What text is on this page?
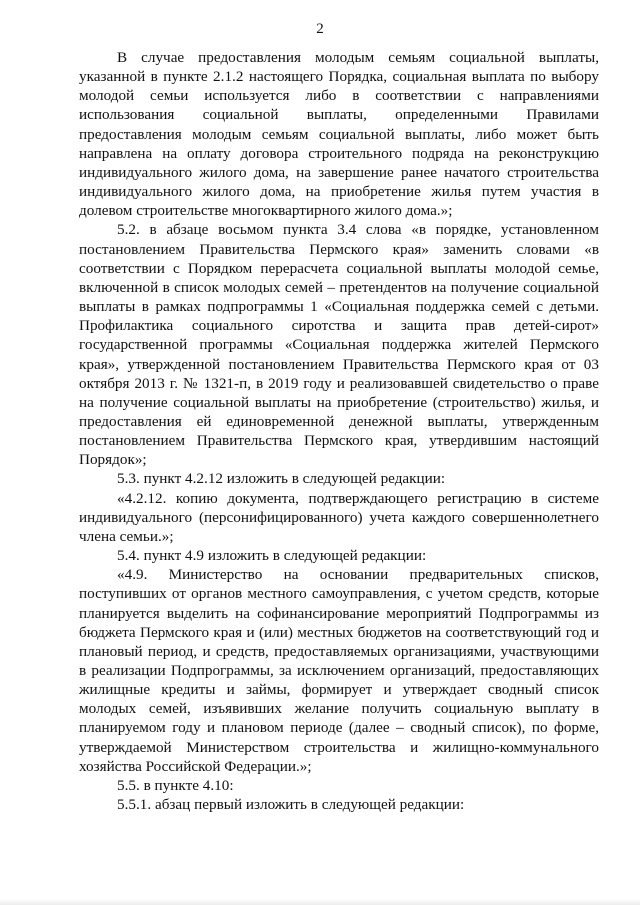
2

В случае предоставления молодым семьям социальной выплаты, указанной в пункте 2.1.2 настоящего Порядка, социальная выплата по выбору молодой семьи используется либо в соответствии с направлениями использования социальной выплаты, определенными Правилами предоставления молодым семьям социальной выплаты, либо может быть направлена на оплату договора строительного подряда на реконструкцию индивидуального жилого дома, на завершение ранее начатого строительства индивидуального жилого дома, на приобретение жилья путем участия в долевом строительстве многоквартирного жилого дома.»;

5.2. в абзаце восьмом пункта 3.4 слова «в порядке, установленном постановлением Правительства Пермского края» заменить словами «в соответствии с Порядком перерасчета социальной выплаты молодой семье, включенной в список молодых семей – претендентов на получение социальной выплаты в рамках подпрограммы 1 «Социальная поддержка семей с детьми. Профилактика социального сиротства и защита прав детей-сирот» государственной программы «Социальная поддержка жителей Пермского края», утвержденной постановлением Правительства Пермского края от 03 октября 2013 г. № 1321-п, в 2019 году и реализовавшей свидетельство о праве на получение социальной выплаты на приобретение (строительство) жилья, и предоставления ей единовременной денежной выплаты, утвержденным постановлением Правительства Пермского края, утвердившим настоящий Порядок»;

5.3. пункт 4.2.12 изложить в следующей редакции:

«4.2.12. копию документа, подтверждающего регистрацию в системе индивидуального (персонифицированного) учета каждого совершеннолетнего члена семьи.»;

5.4. пункт 4.9 изложить в следующей редакции:

«4.9. Министерство на основании предварительных списков, поступивших от органов местного самоуправления, с учетом средств, которые планируется выделить на софинансирование мероприятий Подпрограммы из бюджета Пермского края и (или) местных бюджетов на соответствующий год и плановый период, и средств, предоставляемых организациями, участвующими в реализации Подпрограммы, за исключением организаций, предоставляющих жилищные кредиты и займы, формирует и утверждает сводный список молодых семей, изъявивших желание получить социальную выплату в планируемом году и плановом периоде (далее – сводный список), по форме, утверждаемой Министерством строительства и жилищно-коммунального хозяйства Российской Федерации.»;

5.5. в пункте 4.10:

5.5.1. абзац первый изложить в следующей редакции:
